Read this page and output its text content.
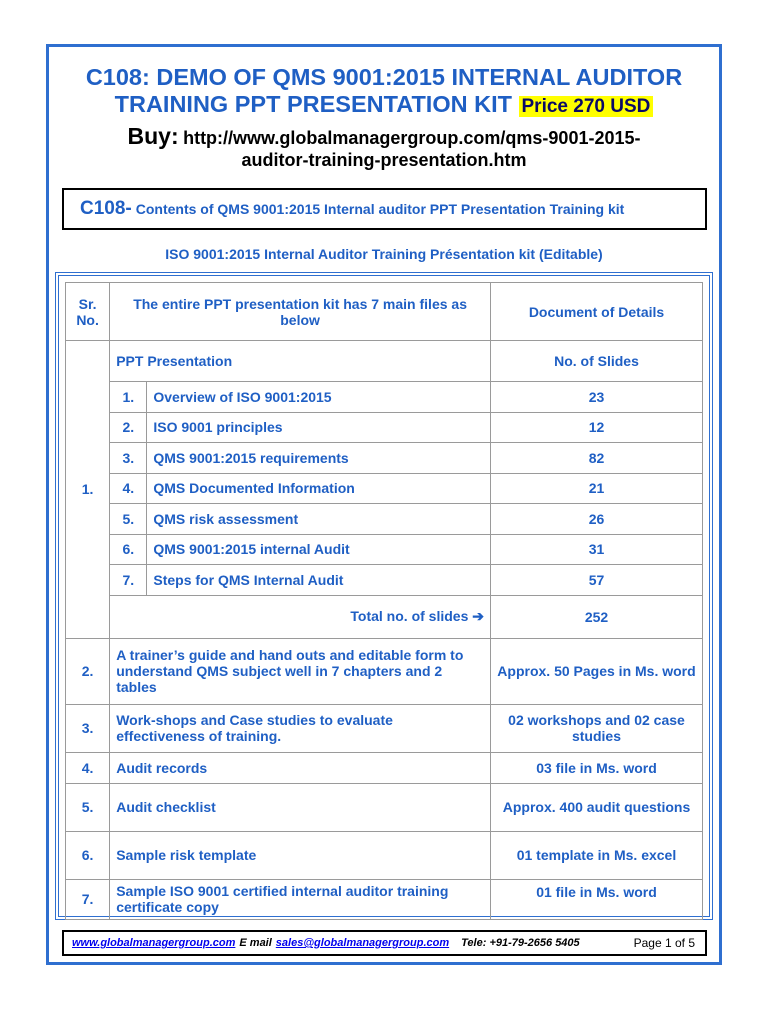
C108: DEMO OF QMS 9001:2015 INTERNAL AUDITOR
TRAINING PPT PRESENTATION KIT Price 270 USD
Buy: http://www.globalmanagergroup.com/qms-9001-2015-
auditor-training-presentation.htm
C108- Contents of QMS 9001:2015 Internal auditor PPT Presentation Training kit
ISO 9001:2015 Internal Auditor Training Présentation kit (Editable)
Sr. No.	The entire PPT presentation kit has 7 main files as below		Document of Details
1.	PPT Presentation		No. of Slides
	1.	Overview of ISO 9001:2015	23
	2.	ISO 9001 principles	12
	3.	QMS 9001:2015 requirements	82
	4.	QMS Documented Information	21
	5.	QMS risk assessment	26
	6.	QMS 9001:2015 internal Audit	31
	7.	Steps for QMS Internal Audit	57
	Total no. of slides ➔		252
2.	A trainer’s guide and hand outs and editable form to understand QMS subject well in 7 chapters and 2 tables		Approx. 50 Pages in Ms. word
3.	Work-shops and Case studies to evaluate effectiveness of training.		02 workshops and 02 case studies
4.	Audit records		03 file in Ms. word
5.	Audit checklist		Approx. 400 audit questions
6.	Sample risk template		01 template in Ms. excel
7.	Sample ISO 9001 certified internal auditor training certificate copy		01 file in Ms. word
www.globalmanagergroup.com E mail sales@globalmanagergroup.com Tele: +91-79-2656 5405	Page 1 of 5
